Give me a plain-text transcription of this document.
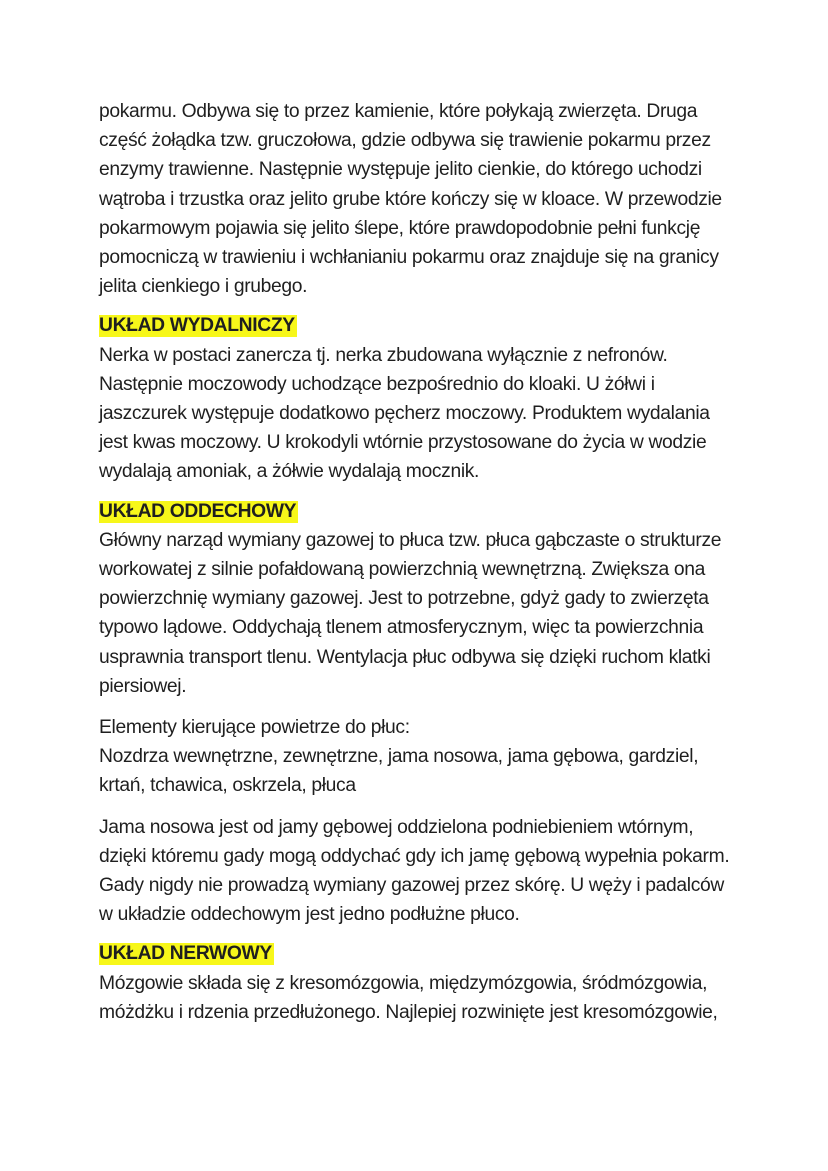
pokarmu. Odbywa się to przez kamienie, które połykają zwierzęta. Druga
część żołądka tzw. gruczołowa, gdzie odbywa się trawienie pokarmu przez
enzymy trawienne. Następnie występuje jelito cienkie, do którego uchodzi
wątroba i trzustka oraz jelito grube które kończy się w kloace. W przewodzie
pokarmowym pojawia się jelito ślepe, które prawdopodobnie pełni funkcję
pomocniczą w trawieniu i wchłanianiu pokarmu oraz znajduje się na granicy
jelita cienkiego i grubego.

UKŁAD WYDALNICZY

Nerka w postaci zanercza tj. nerka zbudowana wyłącznie z nefronów.
Następnie moczowody uchodzące bezpośrednio do kloaki. U żółwi i
jaszczurek występuje dodatkowo pęcherz moczowy. Produktem wydalania
jest kwas moczowy. U krokodyli wtórnie przystosowane do życia w wodzie
wydalają amoniak, a żółwie wydalają mocznik.

UKŁAD ODDECHOWY

Główny narząd wymiany gazowej to płuca tzw. płuca gąbczaste o strukturze
workowatej z silnie pofałdowaną powierzchnią wewnętrzną. Zwiększa ona
powierzchnię wymiany gazowej. Jest to potrzebne, gdyż gady to zwierzęta
typowo lądowe. Oddychają tlenem atmosferycznym, więc ta powierzchnia
usprawnia transport tlenu. Wentylacja płuc odbywa się dzięki ruchom klatki
piersiowej.

Elementy kierujące powietrze do płuc:
Nozdrza wewnętrzne, zewnętrzne, jama nosowa, jama gębowa, gardziel,
krtań, tchawica, oskrzela, płuca

Jama nosowa jest od jamy gębowej oddzielona podniebieniem wtórnym,
dzięki któremu gady mogą oddychać gdy ich jamę gębową wypełnia pokarm.
Gady nigdy nie prowadzą wymiany gazowej przez skórę. U węży i padalców
w układzie oddechowym jest jedno podłużne płuco.

UKŁAD NERWOWY

Mózgowie składa się z kresomózgowia, międzymózgowia, śródmózgowia,
móżdżku i rdzenia przedłużonego. Najlepiej rozwinięte jest kresomózgowie,
